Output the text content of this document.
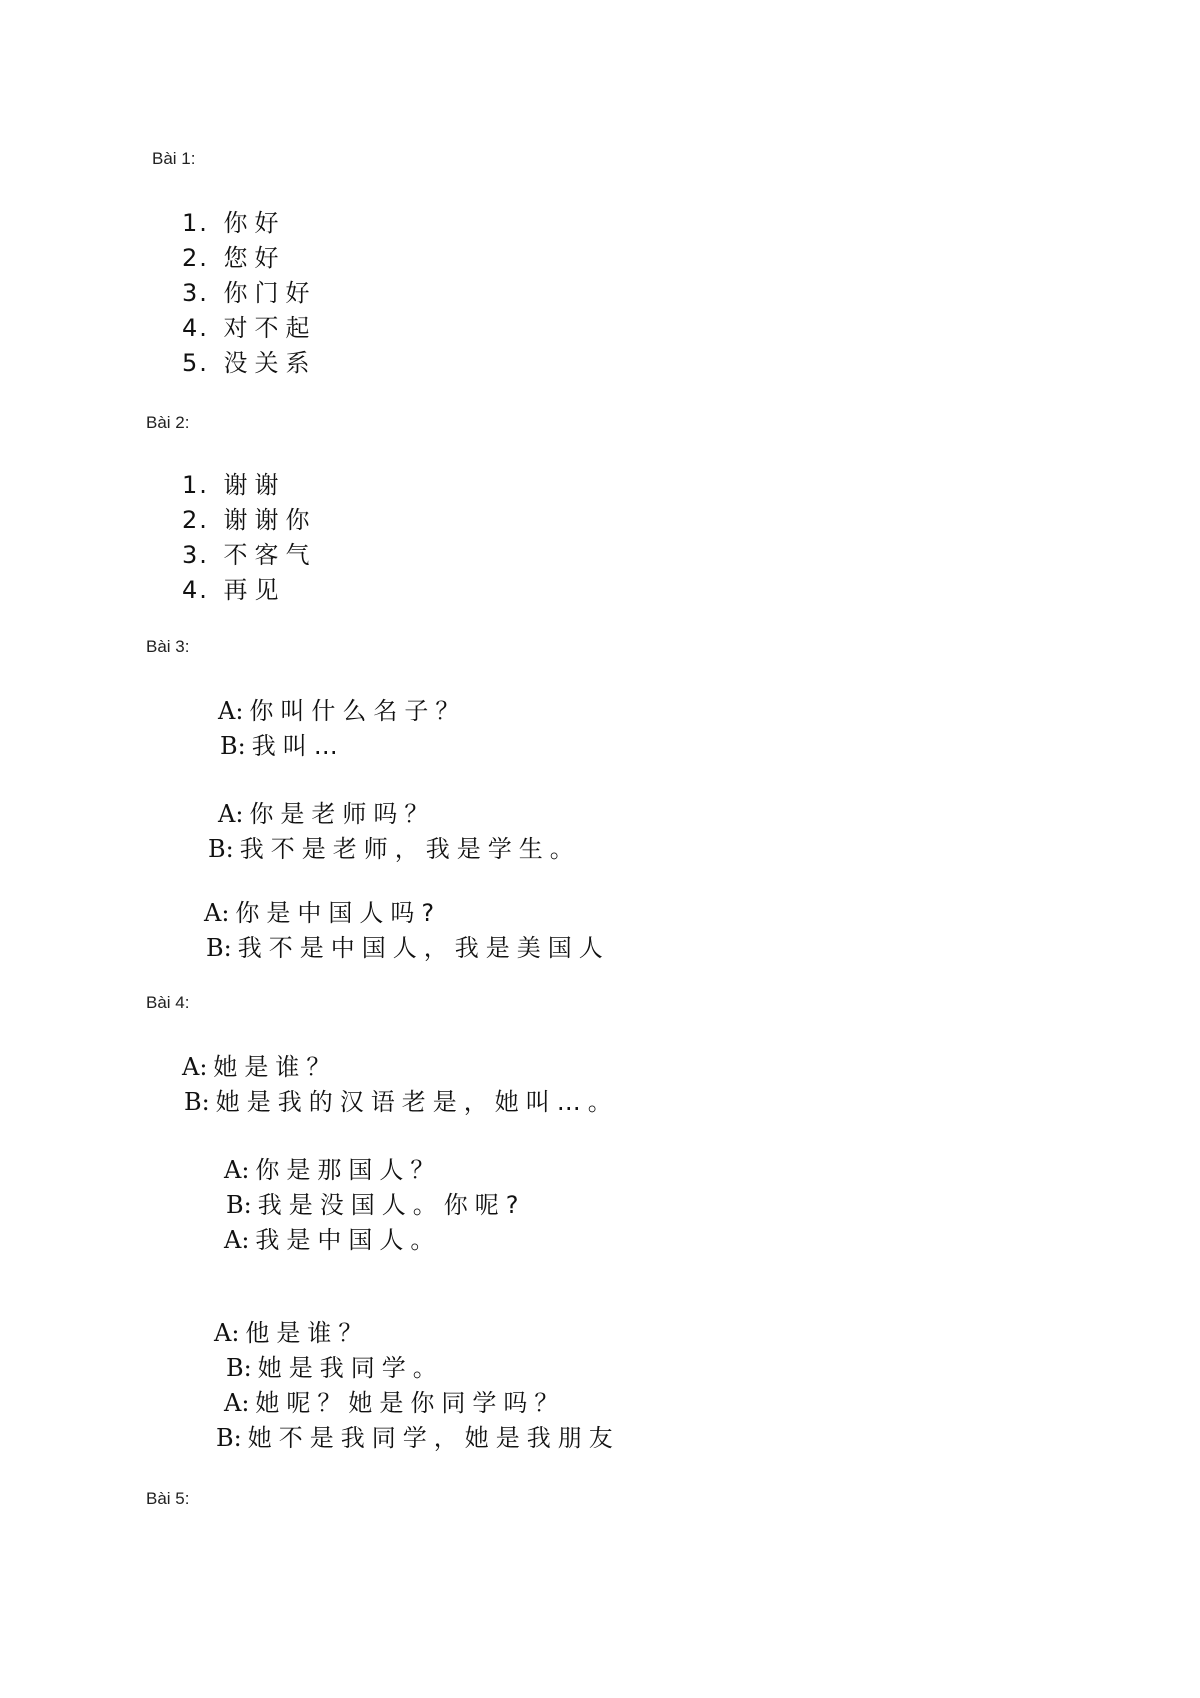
Bài 1:
1. 你好
2. 您好
3. 你门好
4. 对不起
5. 没关系
Bài 2:
1. 谢谢
2. 谢谢你
3. 不客气
4. 再见
Bài 3:
A: 你叫什么名子？
B: 我叫…
A: 你是老师吗？
B: 我不是老师，我是学生。
A: 你是中国人吗?
B: 我不是中国人，我是美国人
Bài 4:
A: 她是谁？
B: 她是我的汉语老是，她叫…。
A: 你是那国人？
B: 我是没国人。你呢?
A: 我是中国人。
A: 他是谁？
B: 她是我同学。
A: 她呢？她是你同学吗？
B: 她不是我同学，她是我朋友
Bài 5:
